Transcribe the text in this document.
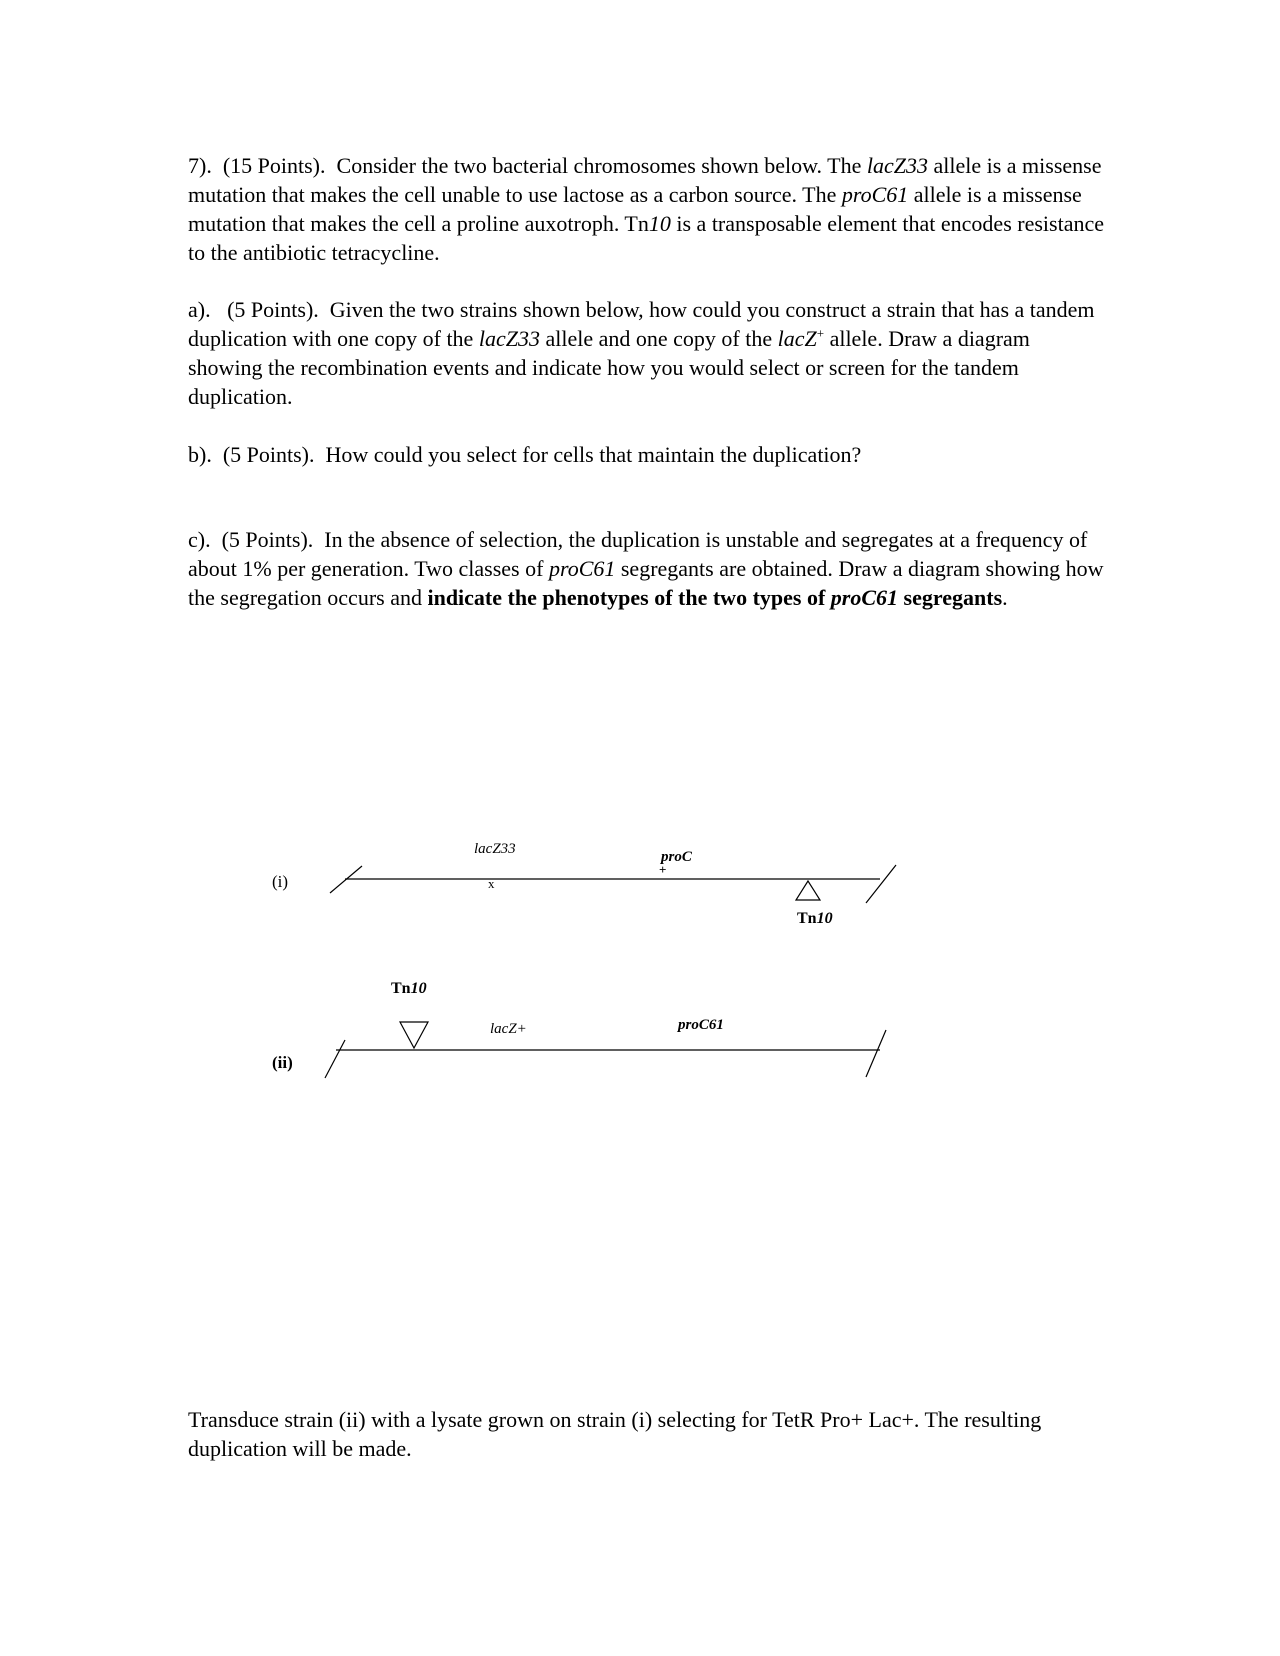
7). (15 Points). Consider the two bacterial chromosomes shown below. The lacZ33 allele is a missense mutation that makes the cell unable to use lactose as a carbon source. The proC61 allele is a missense mutation that makes the cell a proline auxotroph. Tn10 is a transposable element that encodes resistance to the antibiotic tetracycline.

a). (5 Points). Given the two strains shown below, how could you construct a strain that has a tandem duplication with one copy of the lacZ33 allele and one copy of the lacZ+ allele. Draw a diagram showing the recombination events and indicate how you would select or screen for the tandem duplication.

b). (5 Points). How could you select for cells that maintain the duplication?

c). (5 Points). In the absence of selection, the duplication is unstable and segregates at a frequency of about 1% per generation. Two classes of proC61 segregants are obtained. Draw a diagram showing how the segregation occurs and indicate the phenotypes of the two types of proC61 segregants.

(i)
lacZ33
x
proC
+
Tn10
Tn10
lacZ+	proC61
(ii)

Transduce strain (ii) with a lysate grown on strain (i) selecting for TetR Pro+ Lac+. The resulting duplication will be made.
